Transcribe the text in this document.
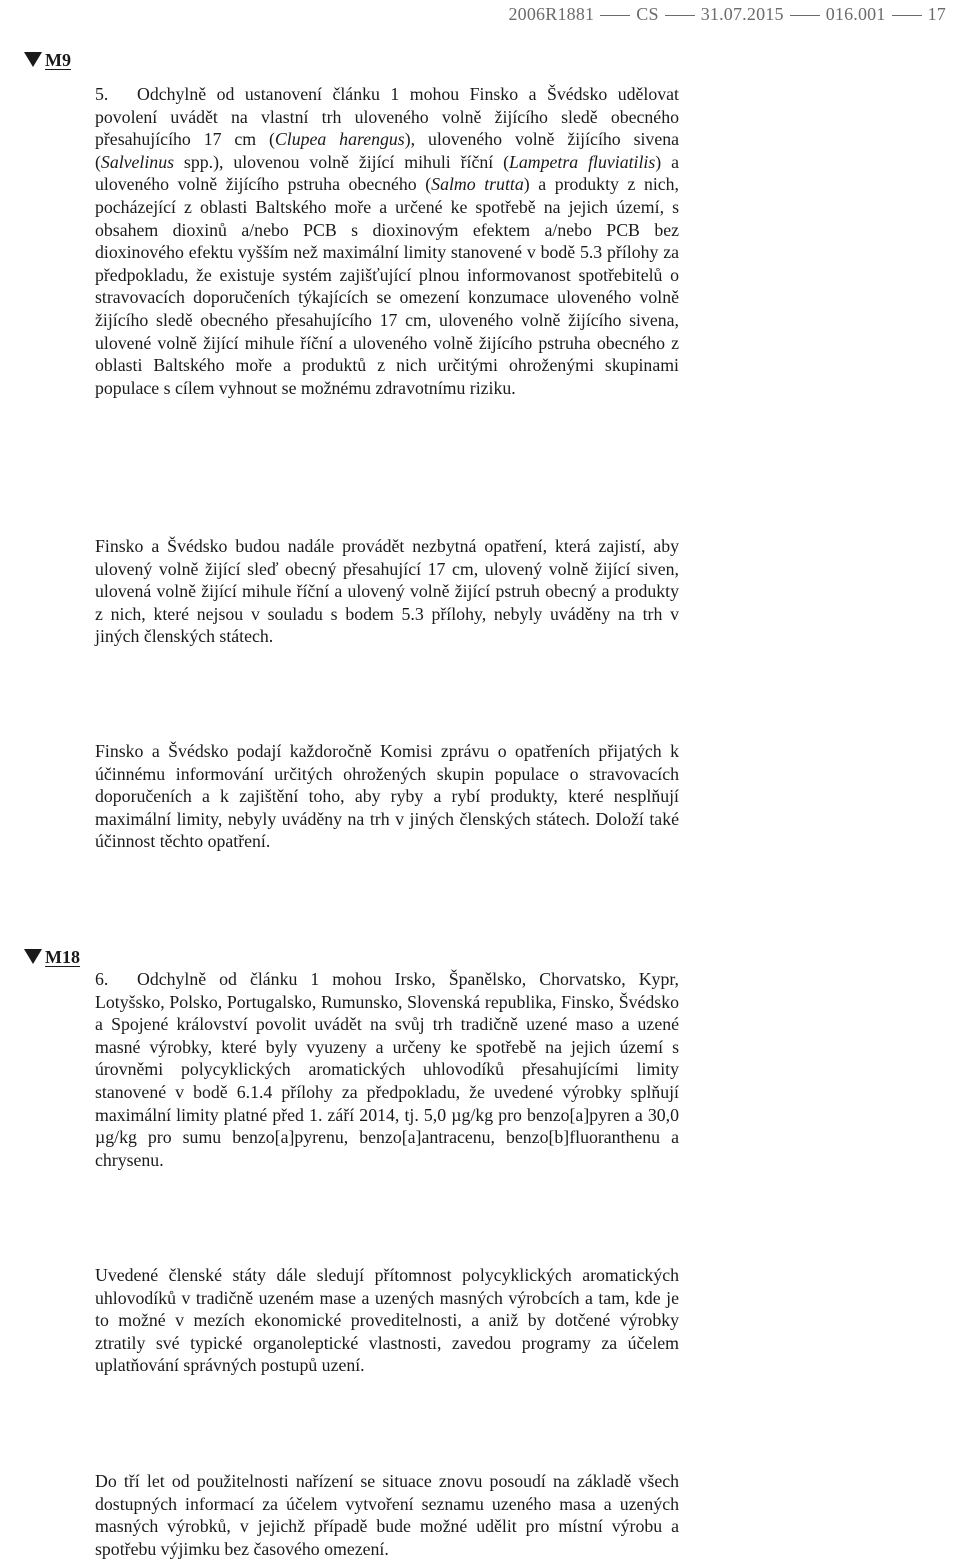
2006R1881 CS 31.07.2015 016.001 17
M9
5. Odchylně od ustanovení článku 1 mohou Finsko a Švédsko udělovat povolení uvádět na vlastní trh uloveného volně žijícího sledě obecného přesahujícího 17 cm (Clupea harengus), uloveného volně žijícího sivena (Salvelinus spp.), ulovenou volně žijící mihuli říční (Lampetra fluviatilis) a uloveného volně žijícího pstruha obecného (Salmo trutta) a produkty z nich, pocházející z oblasti Baltského moře a určené ke spotřebě na jejich území, s obsahem dioxinů a/nebo PCB s dioxinovým efektem a/nebo PCB bez dioxinového efektu vyšším než maximální limity stanovené v bodě 5.3 přílohy za předpokladu, že existuje systém zajišťující plnou informovanost spotřebitelů o stravovacích doporučeních týkajících se omezení konzumace uloveného volně žijícího sledě obecného přesahujícího 17 cm, uloveného volně žijícího sivena, ulovené volně žijící mihule říční a uloveného volně žijícího pstruha obecného z oblasti Baltského moře a produktů z nich určitými ohroženými skupinami populace s cílem vyhnout se možnému zdravotnímu riziku.
Finsko a Švédsko budou nadále provádět nezbytná opatření, která zajistí, aby ulovený volně žijící sleď obecný přesahující 17 cm, ulovený volně žijící siven, ulovená volně žijící mihule říční a ulovený volně žijící pstruh obecný a produkty z nich, které nejsou v souladu s bodem 5.3 přílohy, nebyly uváděny na trh v jiných členských státech.
Finsko a Švédsko podají každoročně Komisi zprávu o opatřeních přijatých k účinnému informování určitých ohrožených skupin populace o stravovacích doporučeních a k zajištění toho, aby ryby a rybí produkty, které nesplňují maximální limity, nebyly uváděny na trh v jiných členských státech. Doloží také účinnost těchto opatření.
M18
6. Odchylně od článku 1 mohou Irsko, Španělsko, Chorvatsko, Kypr, Lotyšsko, Polsko, Portugalsko, Rumunsko, Slovenská republika, Finsko, Švédsko a Spojené království povolit uvádět na svůj trh tradičně uzené maso a uzené masné výrobky, které byly vyuzeny a určeny ke spotřebě na jejich území s úrovněmi polycyklických aromatických uhlovodíků přesahujícími limity stanovené v bodě 6.1.4 přílohy za předpokladu, že uvedené výrobky splňují maximální limity platné před 1. září 2014, tj. 5,0 µg/kg pro benzo[a]pyren a 30,0 µg/kg pro sumu benzo[a]pyrenu, benzo[a]antracenu, benzo[b]fluoranthenu a chrysenu.
Uvedené členské státy dále sledují přítomnost polycyklických aromatických uhlovodíků v tradičně uzeném mase a uzených masných výrobcích a tam, kde je to možné v mezích ekonomické proveditelnosti, a aniž by dotčené výrobky ztratily své typické organoleptické vlastnosti, zavedou programy za účelem uplatňování správných postupů uzení.
Do tří let od použitelnosti nařízení se situace znovu posoudí na základě všech dostupných informací za účelem vytvoření seznamu uzeného masa a uzených masných výrobků, v jejichž případě bude možné udělit pro místní výrobu a spotřebu výjimku bez časového omezení.
